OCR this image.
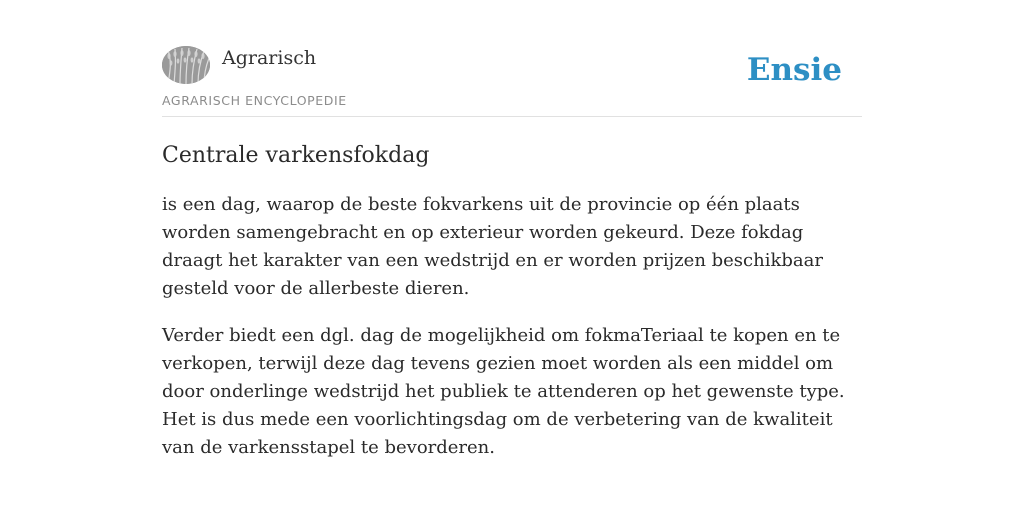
Agrarisch
AGRARISCH ENCYCLOPEDIE
Ensie
Centrale varkensfokdag

is een dag, waarop de beste fokvarkens uit de provincie op één plaats worden samengebracht en op exterieur worden gekeurd. Deze fokdag draagt het karakter van een wedstrijd en er worden prijzen beschikbaar gesteld voor de allerbeste dieren.

Verder biedt een dgl. dag de mogelijkheid om fokmaTeriaal te kopen en te verkopen, terwijl deze dag tevens gezien moet worden als een middel om door onderlinge wedstrijd het publiek te attenderen op het gewenste type. Het is dus mede een voorlichtingsdag om de verbetering van de kwaliteit van de varkensstapel te bevorderen.
